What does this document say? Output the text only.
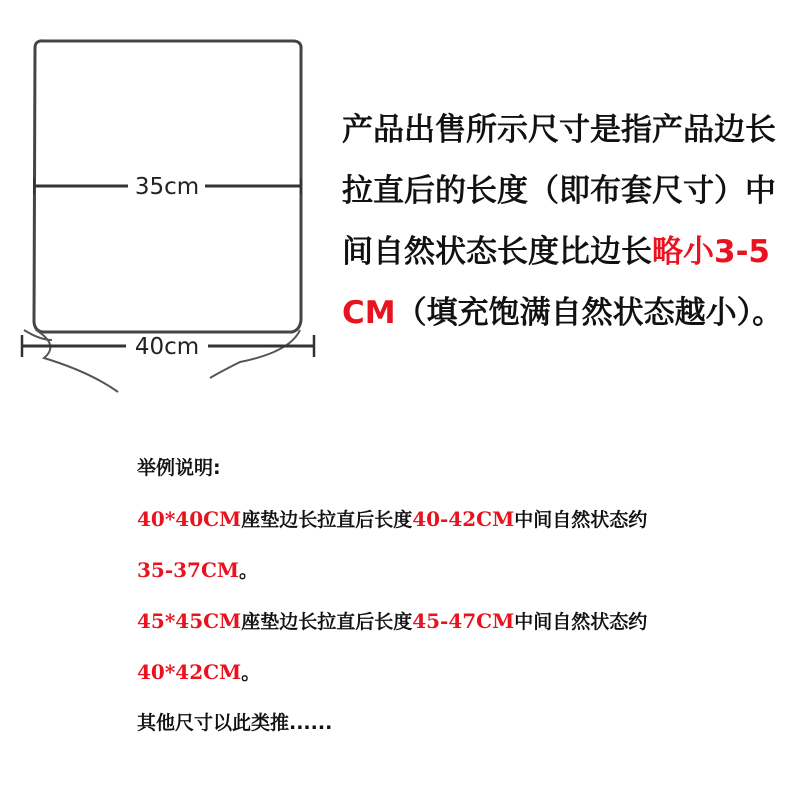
35cm
40cm
产品出售所示尺寸是指产品边长
拉直后的长度（即布套尺寸）中
间自然状态长度比边长略小3-5
CM（填充饱满自然状态越小）。
举例说明:
40*40CM座垫边长拉直后长度40-42CM中间自然状态约
35-37CM。
45*45CM座垫边长拉直后长度45-47CM中间自然状态约
40*42CM。
其他尺寸以此类推......
